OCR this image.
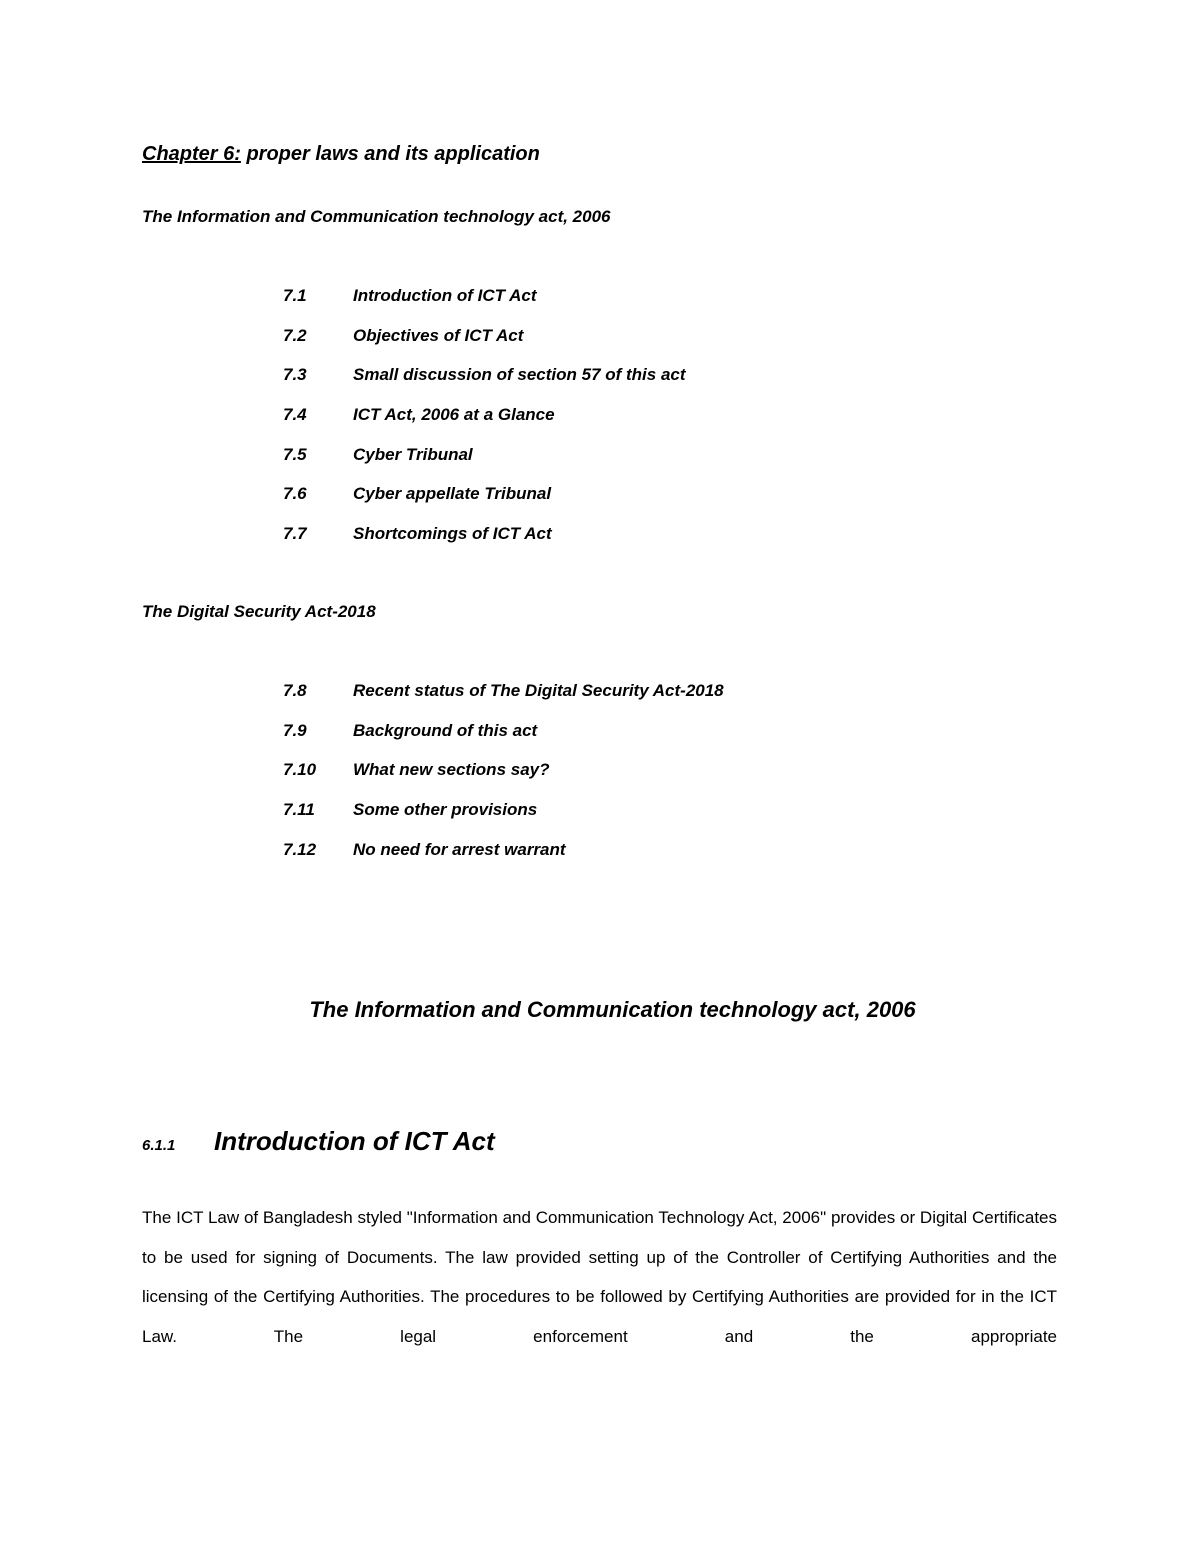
Chapter 6: proper laws and its application
The Information and Communication technology act, 2006
7.1	Introduction of ICT Act
7.2	Objectives of ICT Act
7.3	Small discussion of section 57 of this act
7.4	ICT Act, 2006 at a Glance
7.5	Cyber Tribunal
7.6	Cyber appellate Tribunal
7.7	Shortcomings of ICT Act
The Digital Security Act-2018
7.8	Recent status of The Digital Security Act-2018
7.9	Background of this act
7.10	What new sections say?
7.11	Some other provisions
7.12	No need for arrest warrant
The Information and Communication technology act, 2006
6.1.1 Introduction of ICT Act

The ICT Law of Bangladesh styled "Information and Communication Technology Act, 2006" provides or Digital Certificates to be used for signing of Documents. The law provided setting up of the Controller of Certifying Authorities and the licensing of the Certifying Authorities. The procedures to be followed by Certifying Authorities are provided for in the ICT Law. The legal enforcement and the appropriate
